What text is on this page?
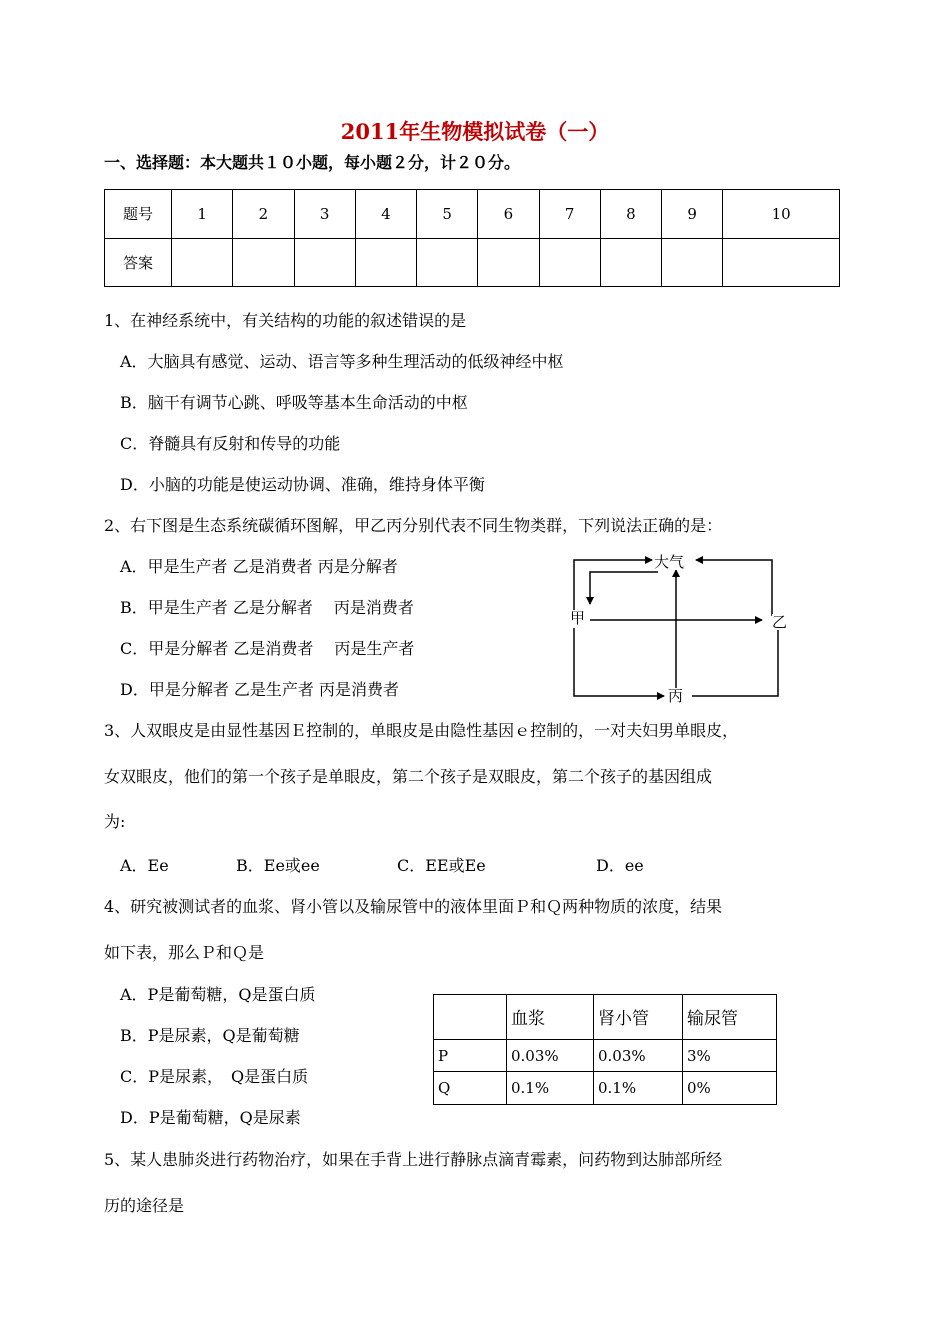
2011年生物模拟试卷（一）
一、选择题：本大题共１０小题，每小题２分，计２０分。
题号	1	2	3	4	5	6	7	8	9	10
答案										
1、在神经系统中，有关结构的功能的叙述错误的是
A．大脑具有感觉、运动、语言等多种生理活动的低级神经中枢
B．脑干有调节心跳、呼吸等基本生命活动的中枢
C．脊髓具有反射和传导的功能
D．小脑的功能是使运动协调、准确，维持身体平衡
2、右下图是生态系统碳循环图解，甲乙丙分别代表不同生物类群，下列说法正确的是：
A．甲是生产者 乙是消费者 丙是分解者
B．甲是生产者 乙是分解者　 丙是消费者
C．甲是分解者 乙是消费者　 丙是生产者
D．甲是分解者 乙是生产者 丙是消费者
大气
甲	乙
丙
3、人双眼皮是由显性基因Ｅ控制的，单眼皮是由隐性基因ｅ控制的，一对夫妇男单眼皮，
女双眼皮，他们的第一个孩子是单眼皮，第二个孩子是双眼皮，第二个孩子的基因组成
为:
A．Ee	B．Ee或ee	C．EE或Ee	D．ee
4、研究被测试者的血浆、肾小管以及输尿管中的液体里面Ｐ和Ｑ两种物质的浓度，结果
如下表，那么Ｐ和Ｑ是
A．P是葡萄糖，Q是蛋白质
B．P是尿素，Q是葡萄糖
C．P是尿素，　Q是蛋白质
D．P是葡萄糖，Q是尿素
	血浆	肾小管	输尿管
P	0.03%	0.03%	3%
Q	0.1%	0.1%	0%
5、某人患肺炎进行药物治疗，如果在手背上进行静脉点滴青霉素，问药物到达肺部所经
历的途径是
